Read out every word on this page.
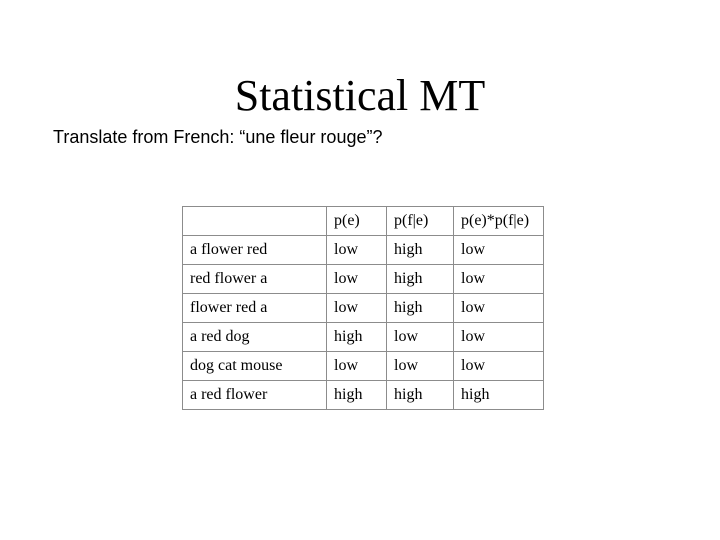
Statistical MT

Translate from French: “une fleur rouge”?

	p(e)	p(f|e)	p(e)*p(f|e)
a flower red	low	high	low
red flower a	low	high	low
flower red a	low	high	low
a red dog	high	low	low
dog cat mouse	low	low	low
a red flower	high	high	high
